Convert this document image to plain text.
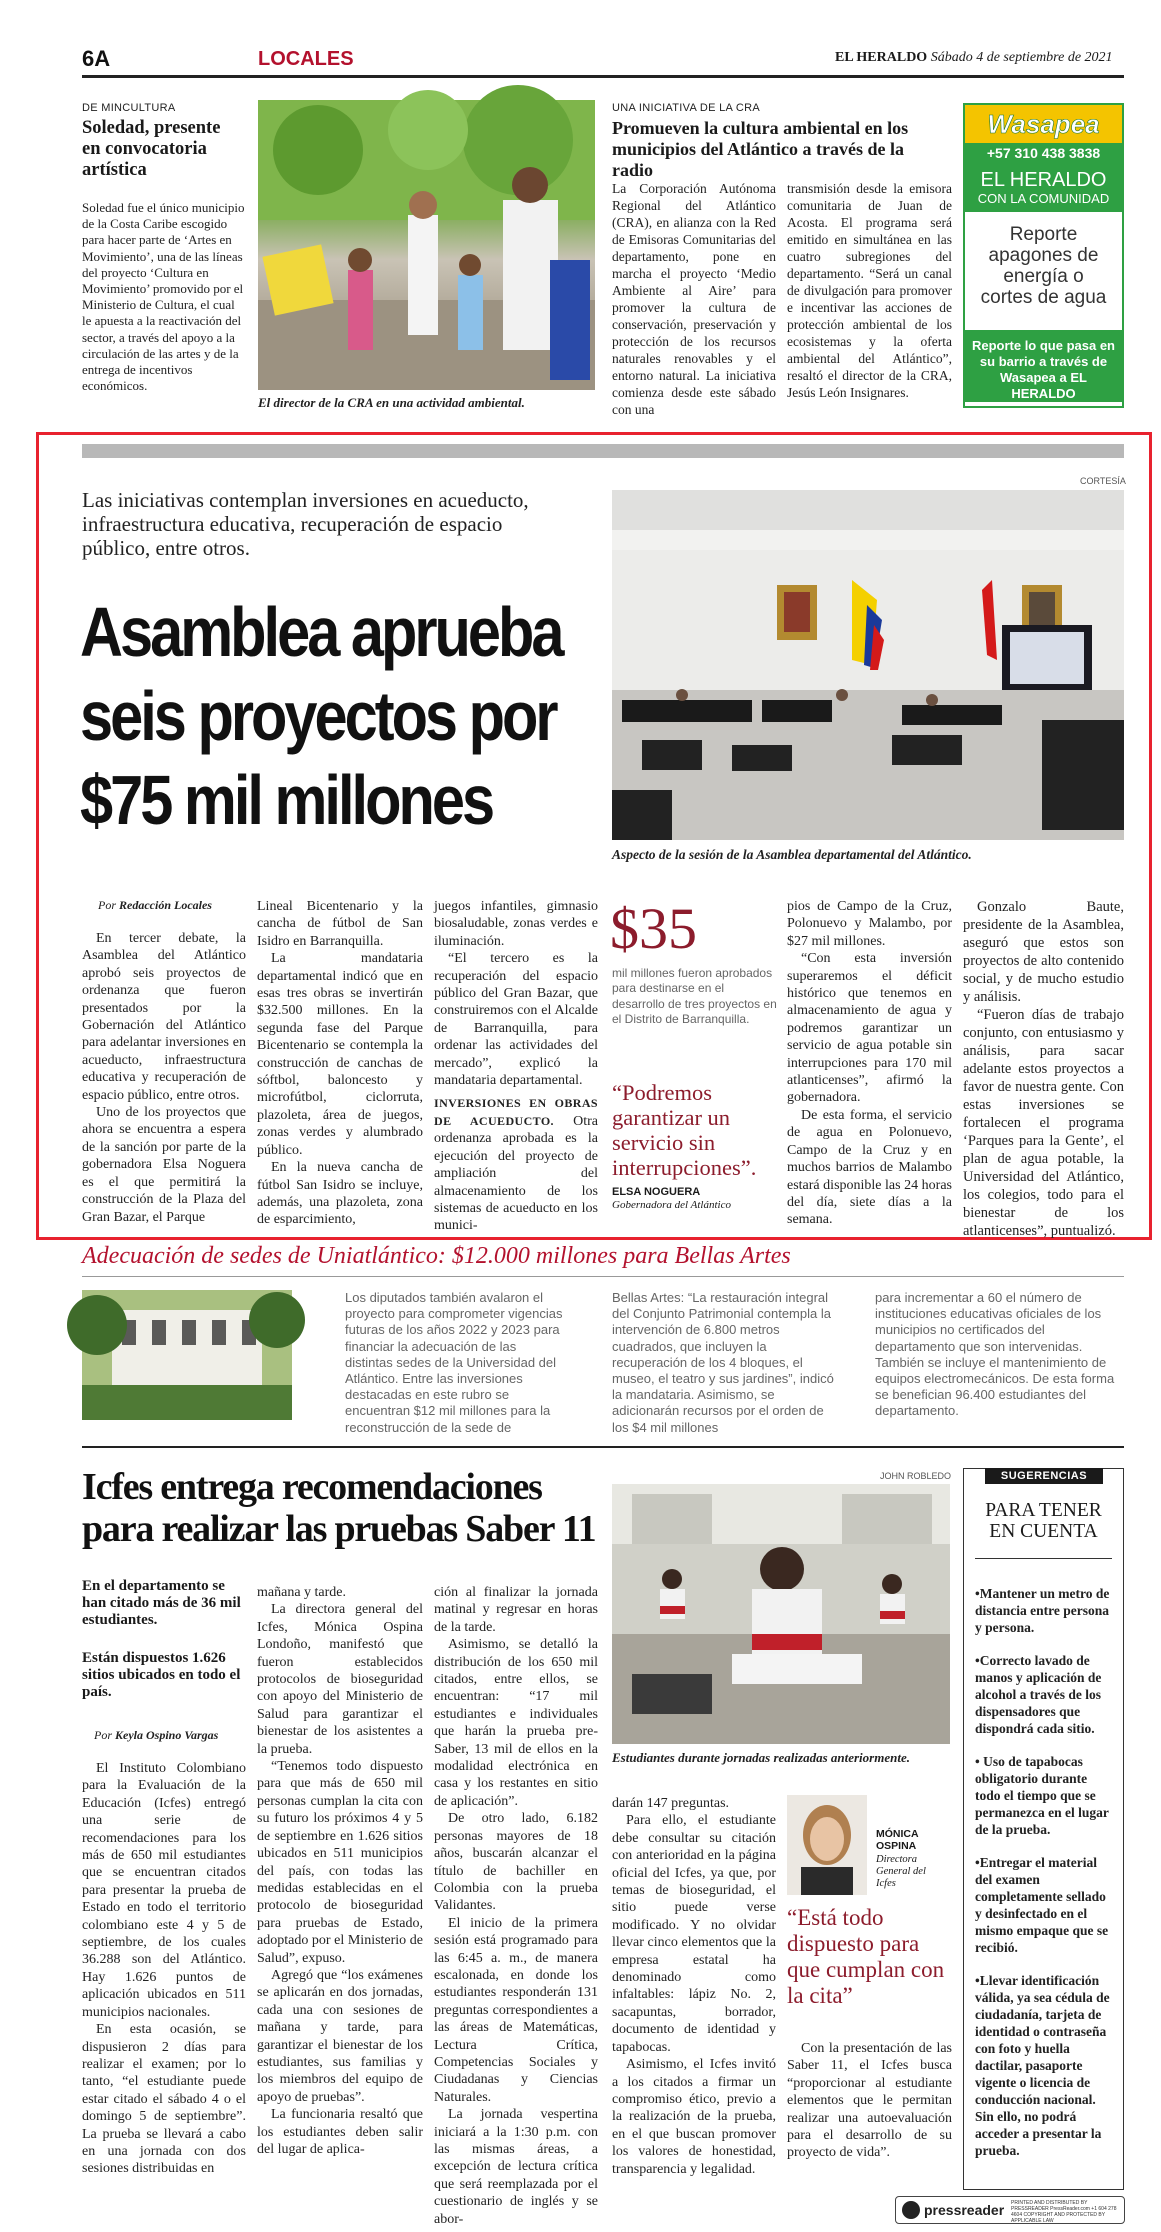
6A	LOCALES	EL HERALDO Sábado 4 de septiembre de 2021
DE MINCULTURA
Soledad, presente en convocatoria artística
Soledad fue el único municipio de la Costa Caribe escogido para hacer parte de ‘Artes en Movimiento’, una de las líneas del proyecto ‘Cultura en Movimiento’ promovido por el Ministerio de Cultura, el cual le apuesta a la reactivación del sector, a través del apoyo a la circulación de las artes y de la entrega de incentivos económicos.
El director de la CRA en una actividad ambiental.
UNA INICIATIVA DE LA CRA
Promueven la cultura ambiental en los municipios del Atlántico a través de la radio
La Corporación Autónoma Regional del Atlántico (CRA), en alianza con la Red de Emisoras Comunitarias del departamento, pone en marcha el proyecto ‘Medio Ambiente al Aire’ para promover la cultura de conservación, preservación y protección de los recursos naturales renovables y el entorno natural. La iniciativa comienza desde este sábado con una
transmisión desde la emisora comunitaria de Juan de Acosta. El programa será emitido en simultánea en las cuatro subregiones del departamento. “Será un canal de divulgación para promover e incentivar las acciones de protección ambiental de los ecosistemas y la oferta ambiental del Atlántico”, resaltó el director de la CRA, Jesús León Insignares.
Wasapea
+57 310 438 3838
EL HERALDO
CON LA COMUNIDAD
Reporte apagones de energía o cortes de agua
Reporte lo que pasa en su barrio a través de Wasapea a EL HERALDO
Las iniciativas contemplan inversiones en acueducto, infraestructura educativa, recuperación de espacio público, entre otros.
Asamblea aprueba seis proyectos por $75 mil millones
CORTESÍA
Aspecto de la sesión de la Asamblea departamental del Atlántico.
Por Redacción Locales

En tercer debate, la Asamblea del Atlántico aprobó seis proyectos de ordenanza que fueron presentados por la Gobernación del Atlántico para adelantar inversiones en acueducto, infraestructura educativa y recuperación de espacio público, entre otros.

Uno de los proyectos que ahora se encuentra a espera de la sanción por parte de la gobernadora Elsa Noguera es el que permitirá la construcción de la Plaza del Gran Bazar, el Parque

Lineal Bicentenario y la cancha de fútbol de San Isidro en Barranquilla.

La mandataria departamental indicó que en esas tres obras se invertirán $32.500 millones. En la segunda fase del Parque Bicentenario se contempla la construcción de canchas de sóftbol, baloncesto y microfútbol, ciclorruta, plazoleta, área de juegos, zonas verdes y alumbrado público.

En la nueva cancha de fútbol San Isidro se incluye, además, una plazoleta, zona de esparcimiento,

juegos infantiles, gimnasio biosaludable, zonas verdes e iluminación.

“El tercero es la recuperación del espacio público del Gran Bazar, que construiremos con el Alcalde de Barranquilla, para ordenar las actividades del mercado”, explicó la mandataria departamental.

INVERSIONES EN OBRAS DE ACUEDUCTO. Otra ordenanza aprobada es la ejecución del proyecto de ampliación del almacenamiento de los sistemas de acueducto en los munici-

$35
mil millones fueron aprobados para destinarse en el desarrollo de tres proyectos en el Distrito de Barranquilla.
“Podremos garantizar un servicio sin interrupciones”.
ELSA NOGUERA
Gobernadora del Atlántico

pios de Campo de la Cruz, Polonuevo y Malambo, por $27 mil millones.

“Con esta inversión superaremos el déficit histórico que tenemos en almacenamiento de agua y podremos garantizar un servicio de agua potable sin interrupciones para 170 mil atlanticenses”, afirmó la gobernadora.

De esta forma, el servicio de agua en Polonuevo, Campo de la Cruz y en muchos barrios de Malambo estará disponible las 24 horas del día, siete días a la semana.

Gonzalo Baute, presidente de la Asamblea, aseguró que estos son proyectos de alto contenido social, y de mucho estudio y análisis.

“Fueron días de trabajo conjunto, con entusiasmo y análisis, para sacar adelante estos proyectos a favor de nuestra gente. Con estas inversiones se fortalecen el programa ‘Parques para la Gente’, el plan de agua potable, la Universidad del Atlántico, los colegios, todo para el bienestar de los atlanticenses”, puntualizó.

Adecuación de sedes de Uniatlántico: $12.000 millones para Bellas Artes
Los diputados también avalaron el proyecto para comprometer vigencias futuras de los años 2022 y 2023 para financiar la adecuación de las distintas sedes de la Universidad del Atlántico. Entre las inversiones destacadas en este rubro se encuentran $12 mil millones para la reconstrucción de la sede de
Bellas Artes: “La restauración integral del Conjunto Patrimonial contempla la intervención de 6.800 metros cuadrados, que incluyen la recuperación de los 4 bloques, el museo, el teatro y sus jardines”, indicó la mandataria. Asimismo, se adicionarán recursos por el orden de los $4 mil millones
para incrementar a 60 el número de instituciones educativas oficiales de los municipios no certificados del departamento que son intervenidas. También se incluye el mantenimiento de equipos electromecánicos. De esta forma se benefician 96.400 estudiantes del departamento.
Icfes entrega recomendaciones para realizar las pruebas Saber 11
En el departamento se han citado más de 36 mil estudiantes.
Están dispuestos 1.626 sitios ubicados en todo el país.
Por Keyla Ospino Vargas

El Instituto Colombiano para la Evaluación de la Educación (Icfes) entregó una serie de recomendaciones para los más de 650 mil estudiantes que se encuentran citados para presentar la prueba de Estado en todo el territorio colombiano este 4 y 5 de septiembre, de los cuales 36.288 son del Atlántico. Hay 1.626 puntos de aplicación ubicados en 511 municipios nacionales.

En esta ocasión, se dispusieron 2 días para realizar el examen; por lo tanto, “el estudiante puede estar citado el sábado 4 o el domingo 5 de septiembre”. La prueba se llevará a cabo en una jornada con dos sesiones distribuidas en

mañana y tarde.

La directora general del Icfes, Mónica Ospina Londoño, manifestó que fueron establecidos protocolos de bioseguridad con apoyo del Ministerio de Salud para garantizar el bienestar de los asistentes a la prueba.

“Tenemos todo dispuesto para que más de 650 mil personas cumplan la cita con su futuro los próximos 4 y 5 de septiembre en 1.626 sitios ubicados en 511 municipios del país, con todas las medidas establecidas en el protocolo de bioseguridad para pruebas de Estado, adoptado por el Ministerio de Salud”, expuso.

Agregó que “los exámenes se aplicarán en dos jornadas, cada una con sesiones de mañana y tarde, para garantizar el bienestar de los estudiantes, sus familias y los miembros del equipo de apoyo de pruebas”.

La funcionaria resaltó que los estudiantes deben salir del lugar de aplica-

ción al finalizar la jornada matinal y regresar en horas de la tarde.

Asimismo, se detalló la distribución de los 650 mil citados, entre ellos, se encuentran: “17 mil estudiantes e individuales que harán la prueba pre-Saber, 13 mil de ellos en la modalidad electrónica en casa y los restantes en sitio de aplicación”.

De otro lado, 6.182 personas mayores de 18 años, buscarán alcanzar el título de bachiller en Colombia con la prueba Validantes.

El inicio de la primera sesión está programado para las 6:45 a. m., de manera escalonada, en donde los estudiantes responderán 131 preguntas correspondientes a las áreas de Matemáticas, Lectura Crítica, Competencias Sociales y Ciudadanas y Ciencias Naturales.

La jornada vespertina iniciará a la 1:30 p.m. con las mismas áreas, a excepción de lectura crítica que será reemplazada por el cuestionario de inglés y se abor-

JOHN ROBLEDO
Estudiantes durante jornadas realizadas anteriormente.

darán 147 preguntas.

Para ello, el estudiante debe consultar su citación con anterioridad en la página oficial del Icfes, ya que, por temas de bioseguridad, el sitio puede verse modificado. Y no olvidar llevar cinco elementos que la empresa estatal ha denominado como infaltables: lápiz No. 2, sacapuntas, borrador, documento de identidad y tapabocas.

Asimismo, el Icfes invitó a los citados a firmar un compromiso ético, previo a la realización de la prueba, en el que buscan promover los valores de honestidad, transparencia y legalidad.

MÓNICA OSPINA
Directora General del Icfes
“Está todo dispuesto para que cumplan con la cita”

Con la presentación de las Saber 11, el Icfes busca “proporcionar al estudiante elementos que le permitan realizar una autoevaluación para el desarrollo de su proyecto de vida”.

SUGERENCIAS
PARA TENER EN CUENTA
•Mantener un metro de distancia entre persona y persona.
•Correcto lavado de manos y aplicación de alcohol a través de los dispensadores que dispondrá cada sitio.
• Uso de tapabocas obligatorio durante todo el tiempo que se permanezca en el lugar de la prueba.
•Entregar el material del examen completamente sellado y desinfectado en el mismo empaque que se recibió.
•Llevar identificación válida, ya sea cédula de ciudadanía, tarjeta de identidad o contraseña con foto y huella dactilar, pasaporte vigente o licencia de conducción nacional. Sin ello, no podrá acceder a presentar la prueba.
pressreader PRINTED AND DISTRIBUTED BY PRESSREADER PressReader.com +1 604 278 4604 COPYRIGHT AND PROTECTED BY APPLICABLE LAW
